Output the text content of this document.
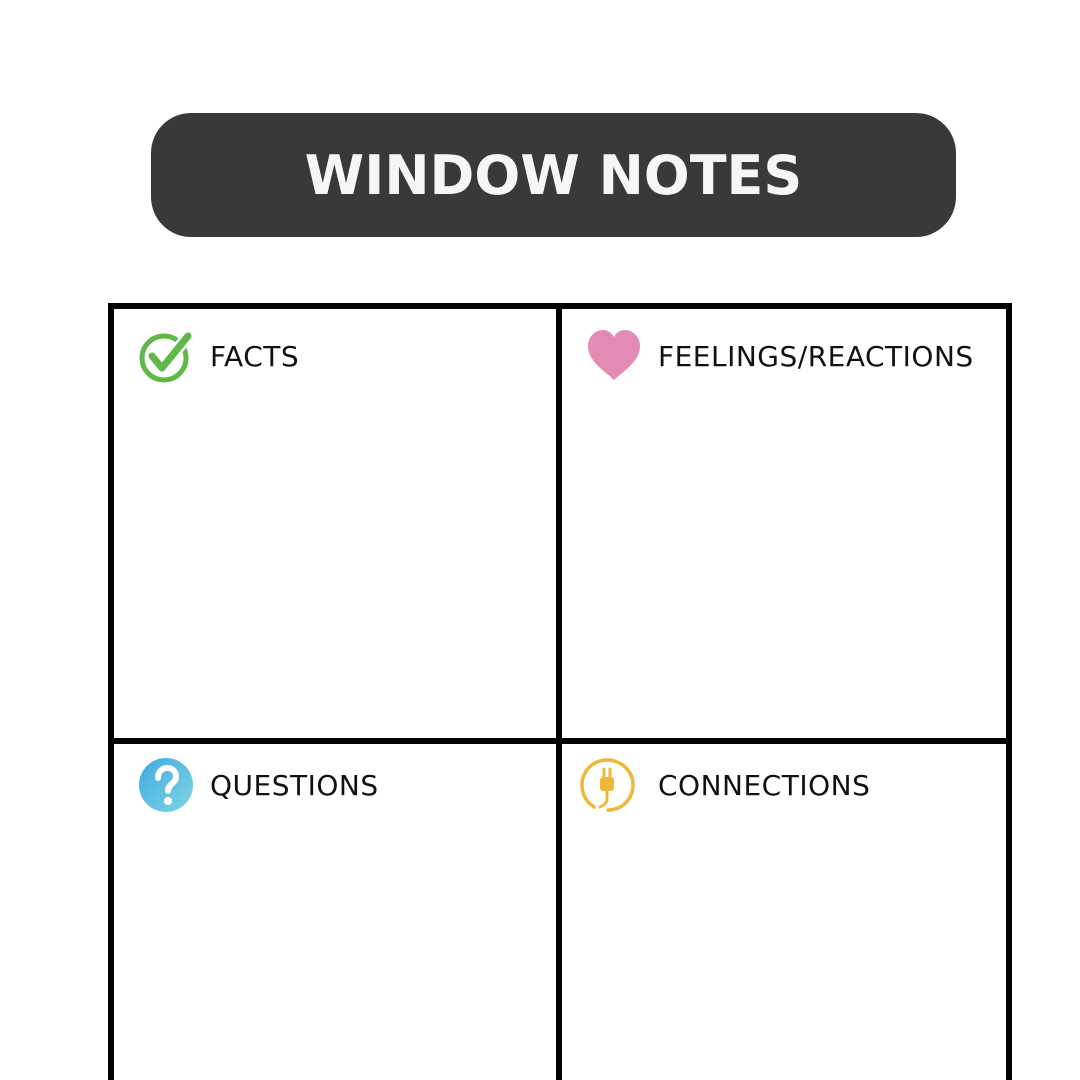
WINDOW NOTES
FACTS	FEELINGS/REACTIONS
QUESTIONS	CONNECTIONS
